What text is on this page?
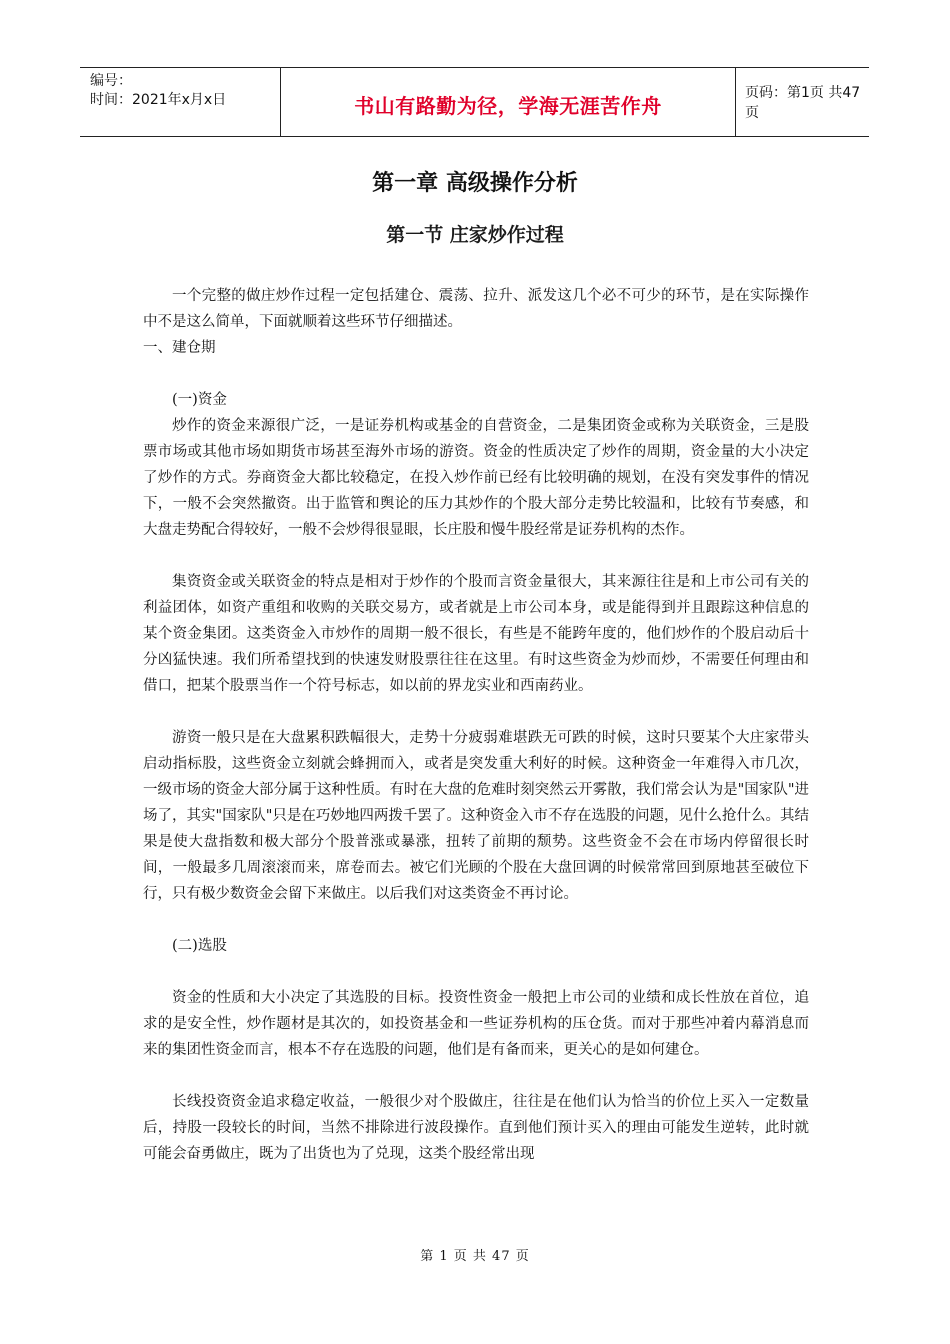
编号：
时间：2021年x月x日	书山有路勤为径，学海无涯苦作舟
页码：第1页 共47页
第一章 高级操作分析
第一节 庄家炒作过程

一个完整的做庄炒作过程一定包括建仓、震荡、拉升、派发这几个必不可少的环节，是在实际操作中不是这么简单，下面就顺着这些环节仔细描述。

一、建仓期

(一)资金

炒作的资金来源很广泛，一是证券机构或基金的自营资金，二是集团资金或称为关联资金，三是股票市场或其他市场如期货市场甚至海外市场的游资。资金的性质决定了炒作的周期，资金量的大小决定了炒作的方式。券商资金大都比较稳定，在投入炒作前已经有比较明确的规划，在没有突发事件的情况下，一般不会突然撤资。出于监管和舆论的压力其炒作的个股大部分走势比较温和，比较有节奏感，和大盘走势配合得较好，一般不会炒得很显眼，长庄股和慢牛股经常是证券机构的杰作。

集资资金或关联资金的特点是相对于炒作的个股而言资金量很大，其来源往往是和上市公司有关的利益团体，如资产重组和收购的关联交易方，或者就是上市公司本身，或是能得到并且跟踪这种信息的某个资金集团。这类资金入市炒作的周期一般不很长，有些是不能跨年度的，他们炒作的个股启动后十分凶猛快速。我们所希望找到的快速发财股票往往在这里。有时这些资金为炒而炒，不需要任何理由和借口，把某个股票当作一个符号标志，如以前的界龙实业和西南药业。

游资一般只是在大盘累积跌幅很大，走势十分疲弱难堪跌无可跌的时候，这时只要某个大庄家带头启动指标股，这些资金立刻就会蜂拥而入，或者是突发重大利好的时候。这种资金一年难得入市几次，一级市场的资金大部分属于这种性质。有时在大盘的危难时刻突然云开雾散，我们常会认为是"国家队"进场了，其实"国家队"只是在巧妙地四两拨千罢了。这种资金入市不存在选股的问题，见什么抢什么。其结果是使大盘指数和极大部分个股普涨或暴涨，扭转了前期的颓势。这些资金不会在市场内停留很长时间，一般最多几周滚滚而来，席卷而去。被它们光顾的个股在大盘回调的时候常常回到原地甚至破位下行，只有极少数资金会留下来做庄。以后我们对这类资金不再讨论。

(二)选股

资金的性质和大小决定了其选股的目标。投资性资金一般把上市公司的业绩和成长性放在首位，追求的是安全性，炒作题材是其次的，如投资基金和一些证券机构的压仓货。而对于那些冲着内幕消息而来的集团性资金而言，根本不存在选股的问题，他们是有备而来，更关心的是如何建仓。

长线投资资金追求稳定收益，一般很少对个股做庄，往往是在他们认为恰当的价位上买入一定数量后，持股一段较长的时间，当然不排除进行波段操作。直到他们预计买入的理由可能发生逆转，此时就可能会奋勇做庄，既为了出货也为了兑现，这类个股经常出现

第 1 页 共 47 页
